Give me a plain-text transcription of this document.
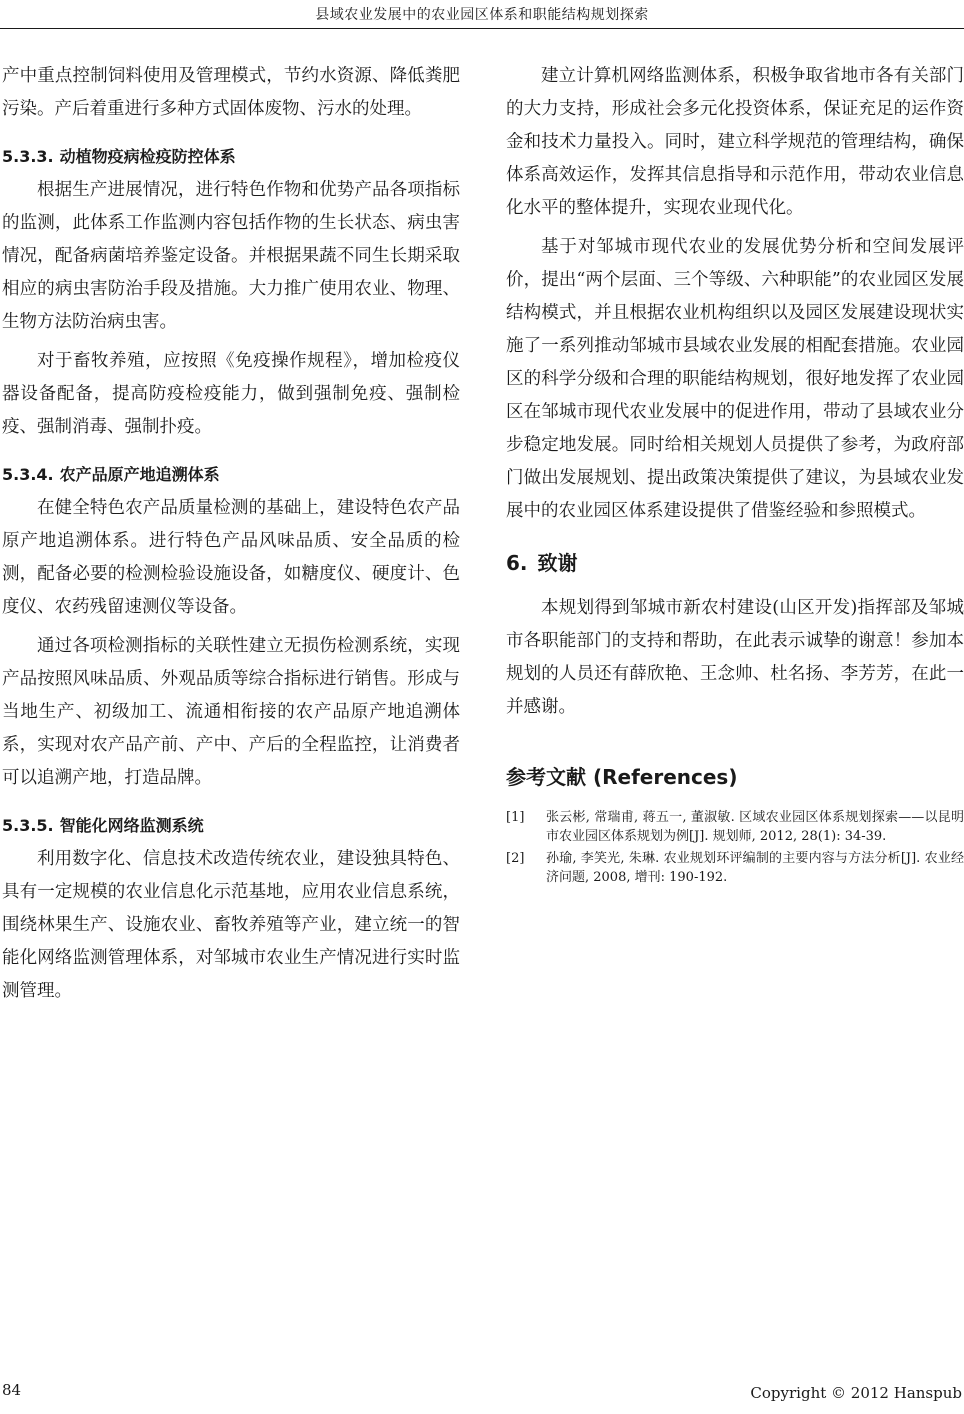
县域农业发展中的农业园区体系和职能结构规划探索

产中重点控制饲料使用及管理模式，节约水资源、降低粪肥污染。产后着重进行多种方式固体废物、污水的处理。

5.3.3. 动植物疫病检疫防控体系

根据生产进展情况，进行特色作物和优势产品各项指标的监测，此体系工作监测内容包括作物的生长状态、病虫害情况，配备病菌培养鉴定设备。并根据果蔬不同生长期采取相应的病虫害防治手段及措施。大力推广使用农业、物理、生物方法防治病虫害。

对于畜牧养殖，应按照《免疫操作规程》，增加检疫仪器设备配备，提高防疫检疫能力，做到强制免疫、强制检疫、强制消毒、强制扑疫。

5.3.4. 农产品原产地追溯体系

在健全特色农产品质量检测的基础上，建设特色农产品原产地追溯体系。进行特色产品风味品质、安全品质的检测，配备必要的检测检验设施设备，如糖度仪、硬度计、色度仪、农药残留速测仪等设备。

通过各项检测指标的关联性建立无损伤检测系统，实现产品按照风味品质、外观品质等综合指标进行销售。形成与当地生产、初级加工、流通相衔接的农产品原产地追溯体系，实现对农产品产前、产中、产后的全程监控，让消费者可以追溯产地，打造品牌。

5.3.5. 智能化网络监测系统

利用数字化、信息技术改造传统农业，建设独具特色、具有一定规模的农业信息化示范基地，应用农业信息系统，围绕林果生产、设施农业、畜牧养殖等产业，建立统一的智能化网络监测管理体系，对邹城市农业生产情况进行实时监测管理。

建立计算机网络监测体系，积极争取省地市各有关部门的大力支持，形成社会多元化投资体系，保证充足的运作资金和技术力量投入。同时，建立科学规范的管理结构，确保体系高效运作，发挥其信息指导和示范作用，带动农业信息化水平的整体提升，实现农业现代化。

基于对邹城市现代农业的发展优势分析和空间发展评价，提出“两个层面、三个等级、六种职能”的农业园区发展结构模式，并且根据农业机构组织以及园区发展建设现状实施了一系列推动邹城市县域农业发展的相配套措施。农业园区的科学分级和合理的职能结构规划，很好地发挥了农业园区在邹城市现代农业发展中的促进作用，带动了县域农业分步稳定地发展。同时给相关规划人员提供了参考，为政府部门做出发展规划、提出政策决策提供了建议，为县域农业发展中的农业园区体系建设提供了借鉴经验和参照模式。

6. 致谢

本规划得到邹城市新农村建设(山区开发)指挥部及邹城市各职能部门的支持和帮助，在此表示诚挚的谢意！参加本规划的人员还有薛欣艳、王念帅、杜名扬、李芳芳，在此一并感谢。

参考文献 (References)
[1]	张云彬, 常瑞甫, 蒋五一, 董淑敏. 区域农业园区体系规划探索——以昆明市农业园区体系规划为例[J]. 规划师, 2012, 28(1): 34-39.
[2]	孙瑜, 李笑光, 朱琳. 农业规划环评编制的主要内容与方法分析[J]. 农业经济问题, 2008, 增刊: 190-192.
84	Copyright © 2012 Hanspub
